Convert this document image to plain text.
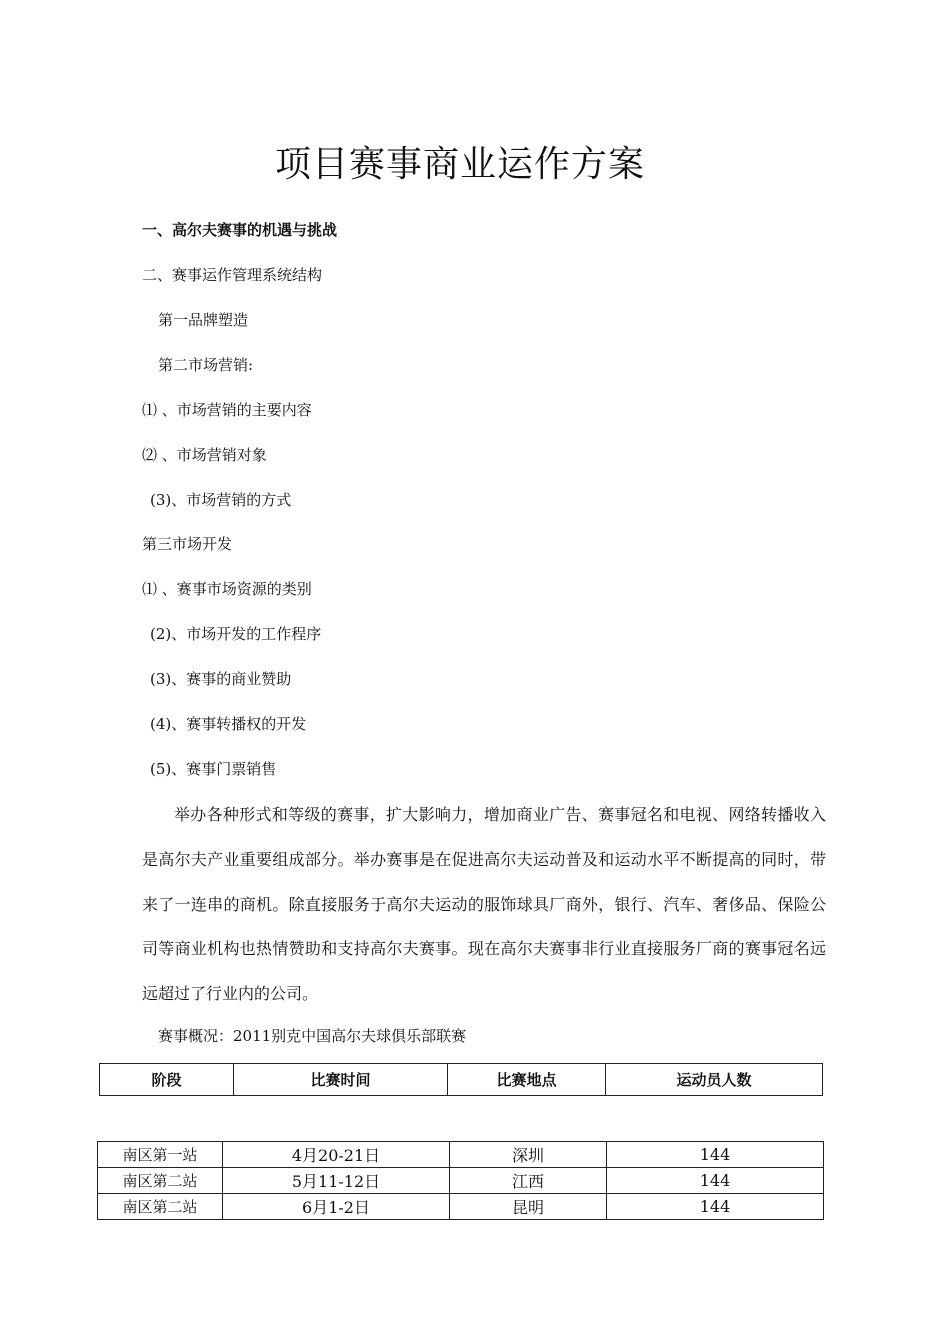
项目赛事商业运作方案
一、高尔夫赛事的机遇与挑战
二、赛事运作管理系统结构
第一品牌塑造
第二市场营销:
⑴ 、市场营销的主要内容
⑵ 、市场营销对象
(3)、市场营销的方式
第三市场开发
⑴ 、赛事市场资源的类别
(2)、市场开发的工作程序
(3)、赛事的商业赞助
(4)、赛事转播权的开发
(5)、赛事门票销售

举办各种形式和等级的赛事，扩大影响力，增加商业广告、赛事冠名和电视、网络转播收入是高尔夫产业重要组成部分。举办赛事是在促进高尔夫运动普及和运动水平不断提高的同时，带来了一连串的商机。除直接服务于高尔夫运动的服饰球具厂商外，银行、汽车、奢侈品、保险公司等商业机构也热情赞助和支持高尔夫赛事。现在高尔夫赛事非行业直接服务厂商的赛事冠名远远超过了行业内的公司。

赛事概况：2011别克中国高尔夫球俱乐部联赛
阶段	比赛时间	比赛地点	运动员人数
南区第一站	4月20-21日	深圳	144
南区第二站	5月11-12日	江西	144
南区第二站	6月1-2日	昆明	144
